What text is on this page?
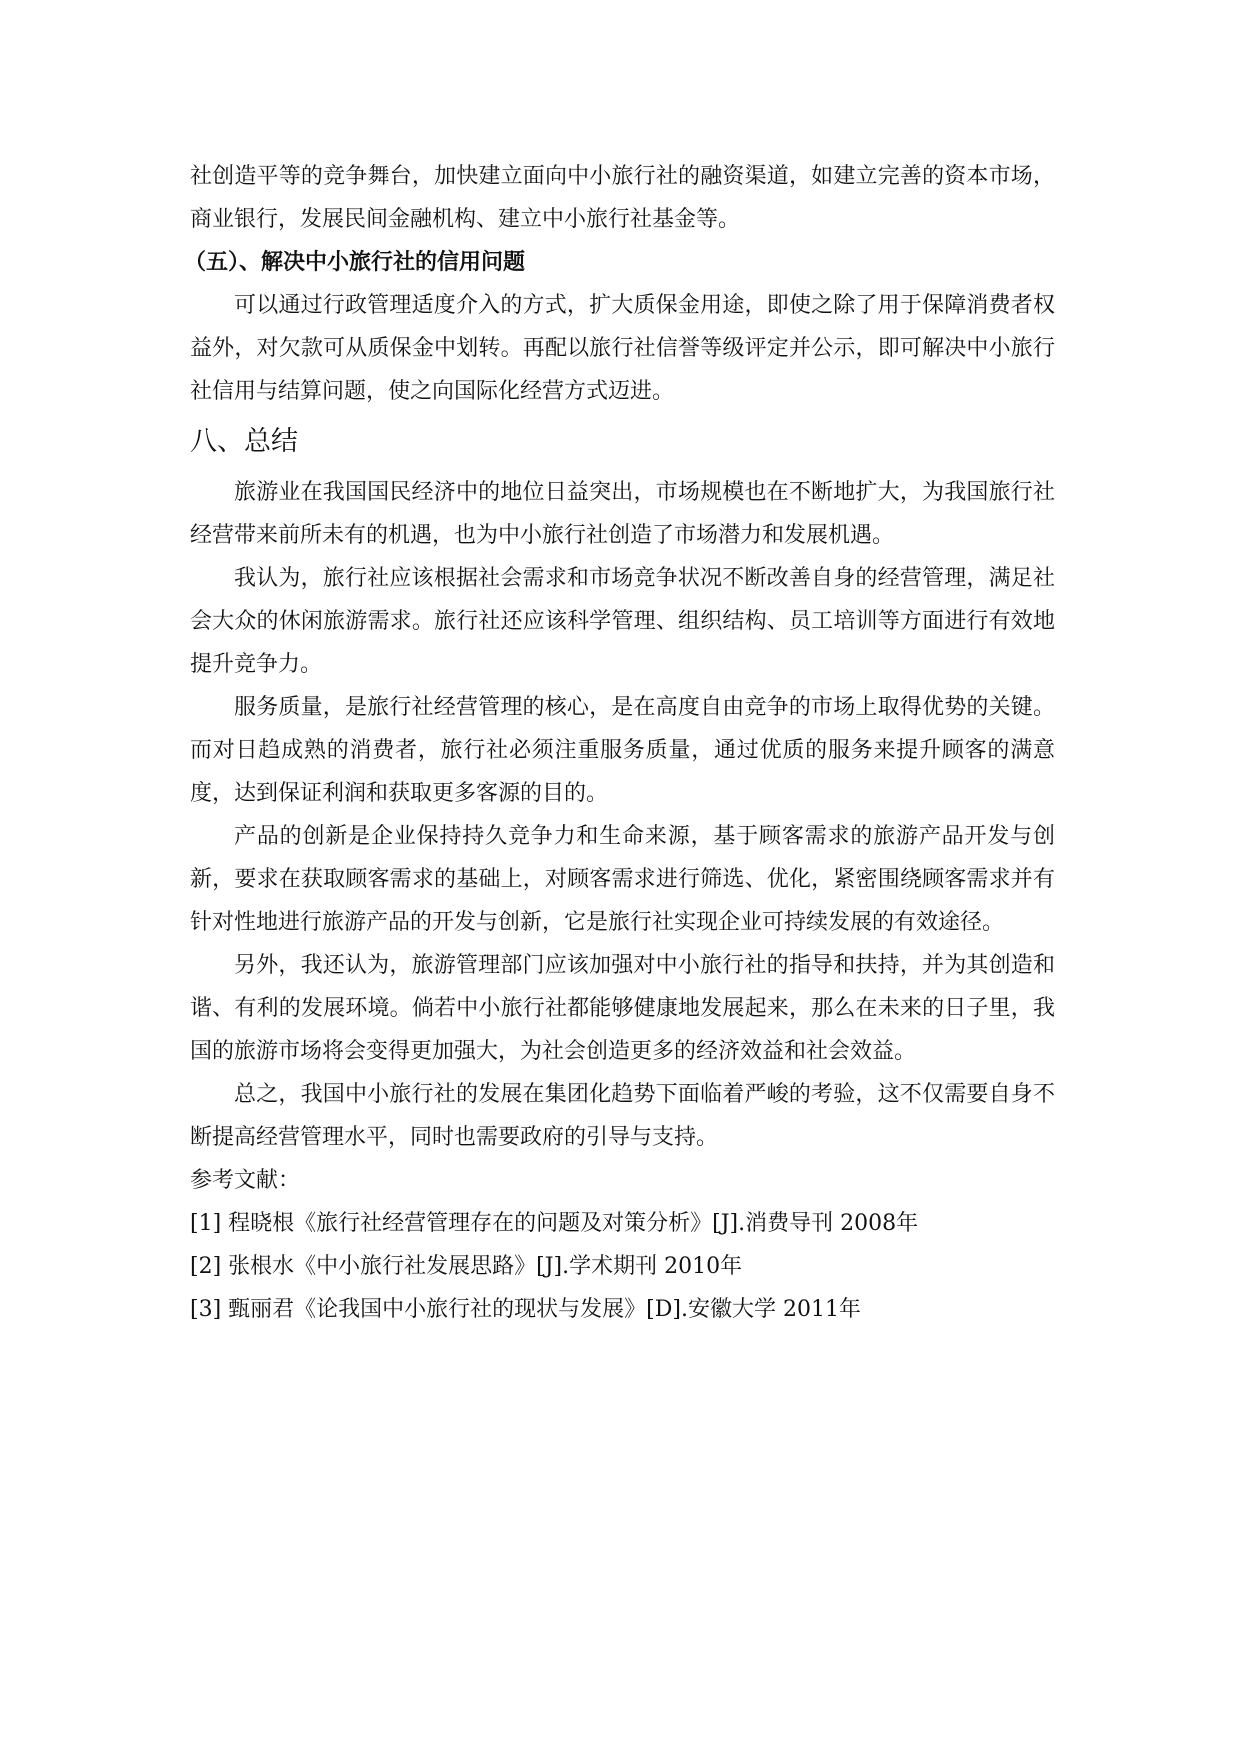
社创造平等的竞争舞台，加快建立面向中小旅行社的融资渠道，如建立完善的资本市场，商业银行，发展民间金融机构、建立中小旅行社基金等。

（五）、解决中小旅行社的信用问题

可以通过行政管理适度介入的方式，扩大质保金用途，即使之除了用于保障消费者权益外，对欠款可从质保金中划转。再配以旅行社信誉等级评定并公示，即可解决中小旅行社信用与结算问题，使之向国际化经营方式迈进。

八、总结

旅游业在我国国民经济中的地位日益突出，市场规模也在不断地扩大，为我国旅行社经营带来前所未有的机遇，也为中小旅行社创造了市场潜力和发展机遇。

我认为，旅行社应该根据社会需求和市场竞争状况不断改善自身的经营管理，满足社会大众的休闲旅游需求。旅行社还应该科学管理、组织结构、员工培训等方面进行有效地提升竞争力。

服务质量，是旅行社经营管理的核心，是在高度自由竞争的市场上取得优势的关键。而对日趋成熟的消费者，旅行社必须注重服务质量，通过优质的服务来提升顾客的满意度，达到保证利润和获取更多客源的目的。

产品的创新是企业保持持久竞争力和生命来源，基于顾客需求的旅游产品开发与创新，要求在获取顾客需求的基础上，对顾客需求进行筛选、优化，紧密围绕顾客需求并有针对性地进行旅游产品的开发与创新，它是旅行社实现企业可持续发展的有效途径。

另外，我还认为，旅游管理部门应该加强对中小旅行社的指导和扶持，并为其创造和谐、有利的发展环境。倘若中小旅行社都能够健康地发展起来，那么在未来的日子里，我国的旅游市场将会变得更加强大，为社会创造更多的经济效益和社会效益。

总之，我国中小旅行社的发展在集团化趋势下面临着严峻的考验，这不仅需要自身不断提高经营管理水平，同时也需要政府的引导与支持。

参考文献：

[1] 程晓根《旅行社经营管理存在的问题及对策分析》[J].消费导刊 2008年

[2] 张根水《中小旅行社发展思路》[J].学术期刊 2010年

[3] 甄丽君《论我国中小旅行社的现状与发展》[D].安徽大学 2011年
